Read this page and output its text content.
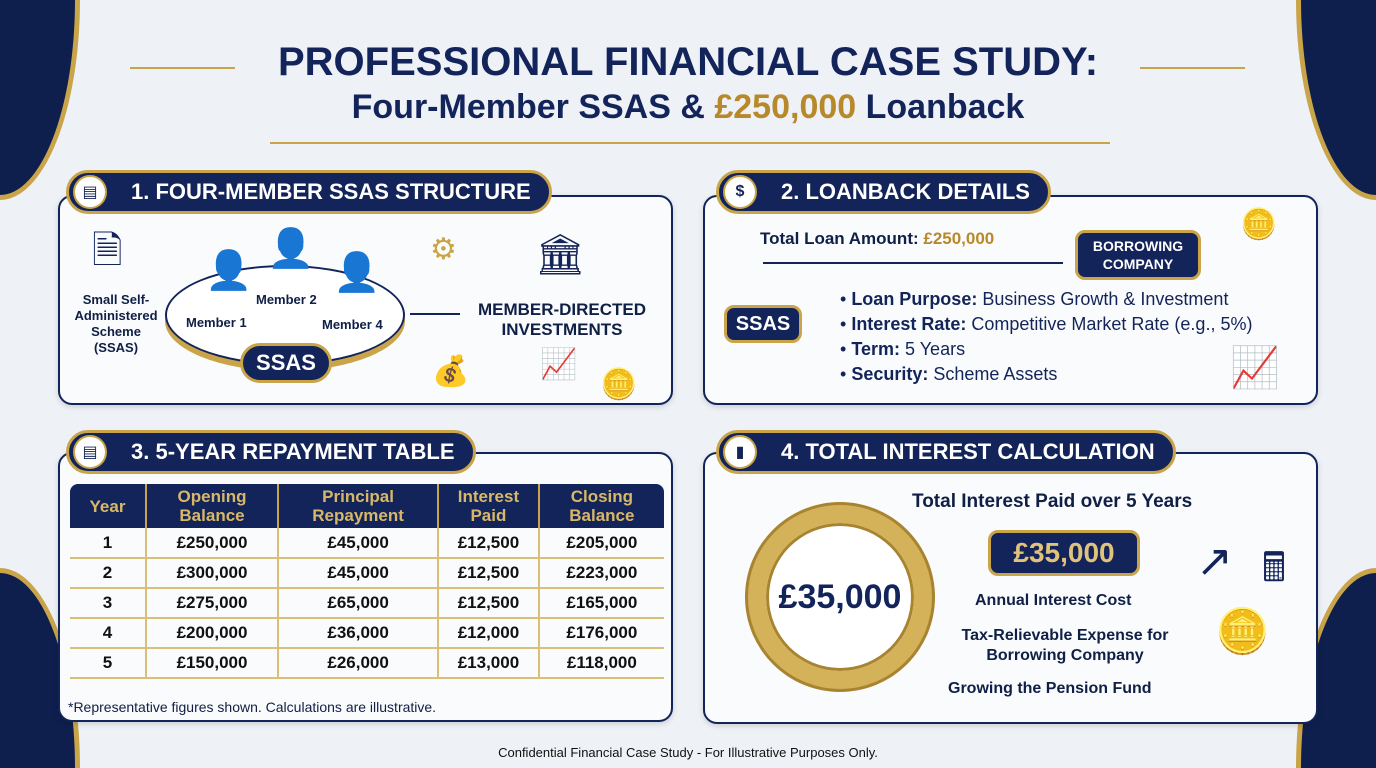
PROFESSIONAL FINANCIAL CASE STUDY:
Four-Member SSAS & £250,000 Loanback
▤	1. FOUR-MEMBER SSAS STRUCTURE
🗎
Small Self-Administered Scheme (SSAS)
👤
👤
👤
Member 1
Member 2
Member 4
SSAS
⚙
💰
🏛
MEMBER-DIRECTED INVESTMENTS
📈
🪙
$	2. LOANBACK DETAILS
Total Loan Amount: £250,000	BORROWING COMPANY
🪙
SSAS
• Loan Purpose: Business Growth & Investment
• Interest Rate: Competitive Market Rate (e.g., 5%)
• Term: 5 Years
• Security: Scheme Assets	📈
▤	3. 5-YEAR REPAYMENT TABLE
Year	Opening Balance	Principal Repayment	Interest Paid	Closing Balance
1	£250,000	£45,000	£12,500	£205,000
2	£300,000	£45,000	£12,500	£223,000
3	£275,000	£65,000	£12,500	£165,000
4	£200,000	£36,000	£12,000	£176,000
5	£150,000	£26,000	£13,000	£118,000
*Representative figures shown. Calculations are illustrative.
▮	4. TOTAL INTEREST CALCULATION
£35,000
Total Interest Paid over 5 Years
£35,000
Annual Interest Cost
Tax-Relievable Expense for Borrowing Company
Growing the Pension Fund
↗ 🖩
🪙
Confidential Financial Case Study - For Illustrative Purposes Only.
